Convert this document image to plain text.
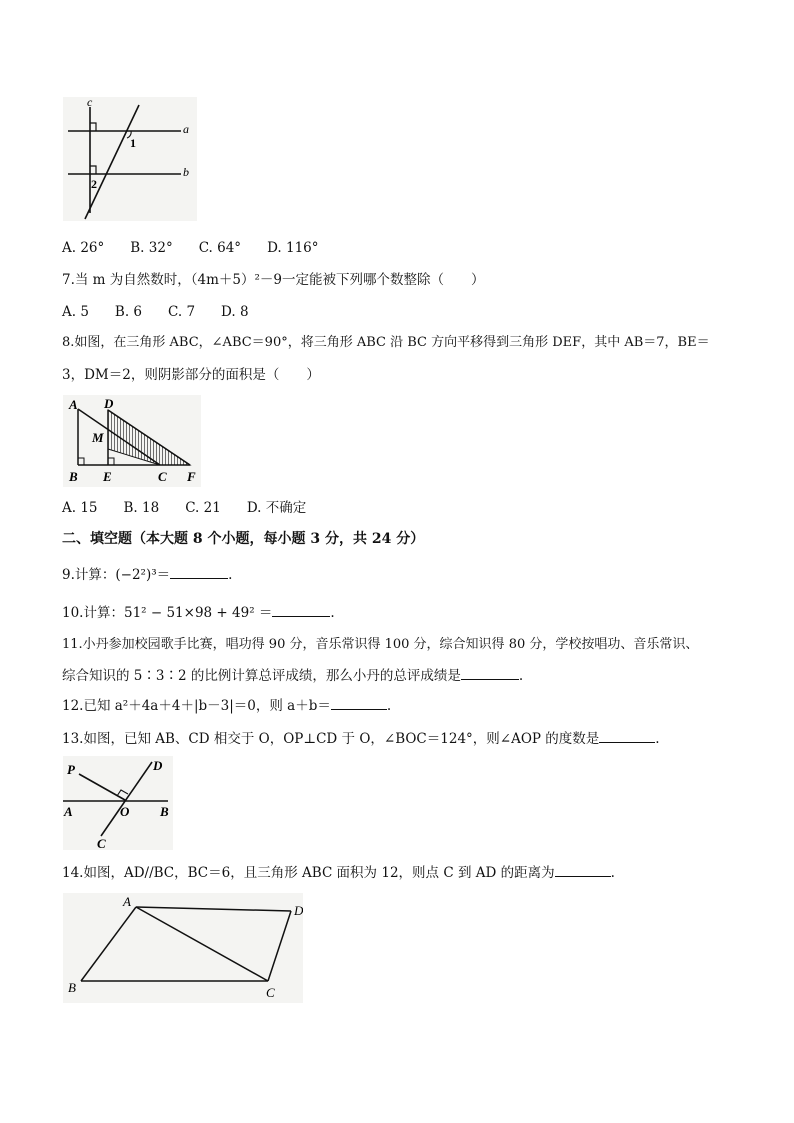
c
a
b
1
2
A. 26° B. 32° C. 64° D. 116°
7.当 m 为自然数时，（4m＋5）²－9一定能被下列哪个数整除（　　）
A. 5 B. 6 C. 7 D. 8
8.如图，在三角形 ABC，∠ABC＝90°，将三角形 ABC 沿 BC 方向平移得到三角形 DEF，其中 AB＝7，BE＝
3，DM＝2，则阴影部分的面积是（　　）
A D
M
B E	C F
A. 15 B. 18 C. 21 D. 不确定
二、填空题（本大题 8 个小题，每小题 3 分，共 24 分）
9.计算：(−2²)³＝	.
10.计算：51² − 51×98 + 49² ＝	.
11.小丹参加校园歌手比赛，唱功得 90 分，音乐常识得 100 分，综合知识得 80 分，学校按唱功、音乐常识、
综合知识的 5∶3∶2 的比例计算总评成绩，那么小丹的总评成绩是	.
12.已知 a²＋4a＋4＋|b－3|＝0，则 a＋b＝	.
13.如图，已知 AB、CD 相交于 O，OP⊥CD 于 O，∠BOC＝124°，则∠AOP 的度数是	.
P	D
A	O B
C
14.如图，AD//BC，BC＝6，且三角形 ABC 面积为 12，则点 C 到 AD 的距离为	.
A
D
B	C
